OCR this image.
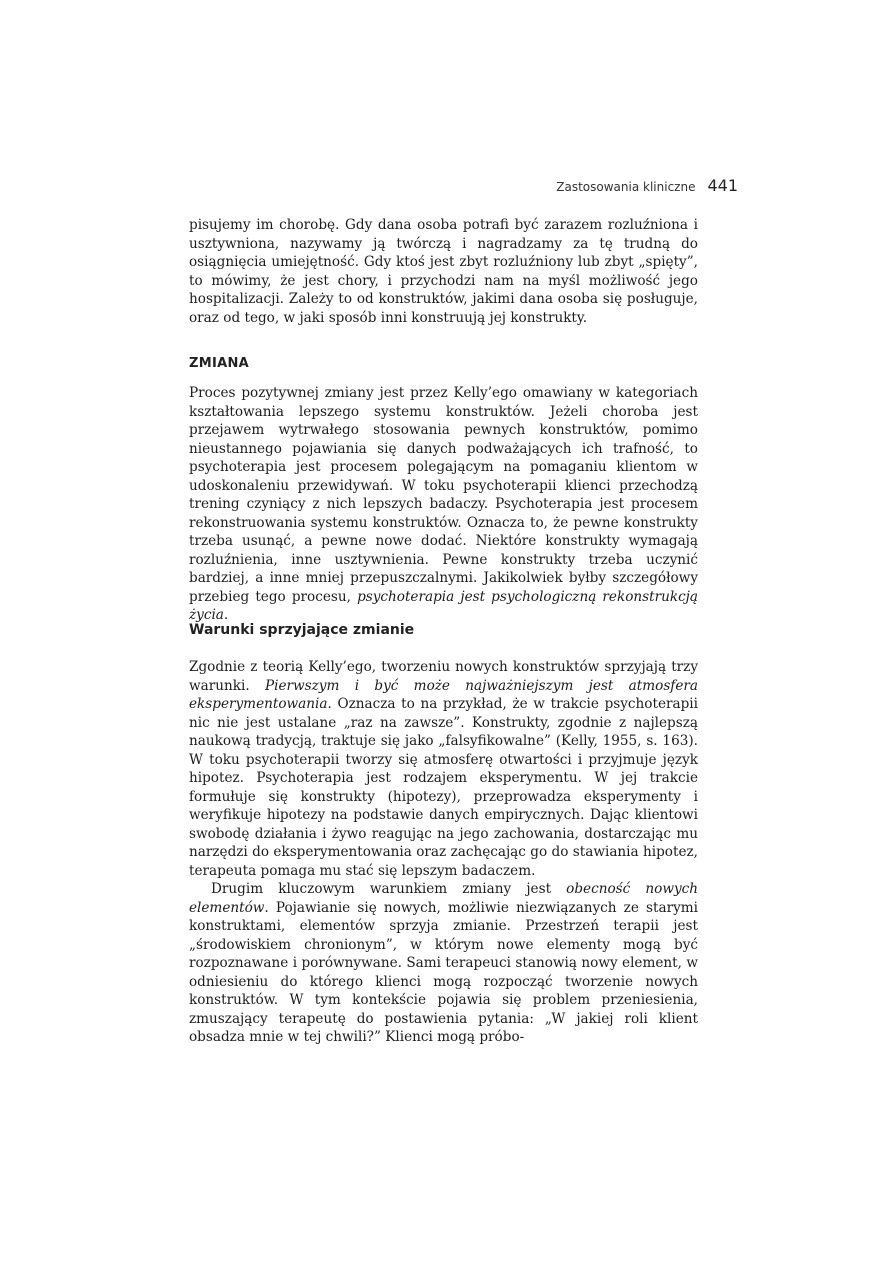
Zastosowania kliniczne 441

pisujemy im chorobę. Gdy dana osoba potrafi być zarazem rozluźniona i usztywniona, nazywamy ją twórczą i nagradzamy za tę trudną do osiągnięcia umiejętność. Gdy ktoś jest zbyt rozluźniony lub zbyt „spięty”, to mówimy, że jest chory, i przychodzi nam na myśl możliwość jego hospitalizacji. Zależy to od konstruktów, jakimi dana osoba się posługuje, oraz od tego, w jaki sposób inni konstruują jej konstrukty.

ZMIANA

Proces pozytywnej zmiany jest przez Kelly’ego omawiany w kategoriach kształtowania lepszego systemu konstruktów. Jeżeli choroba jest przejawem wytrwałego stosowania pewnych konstruktów, pomimo nieustannego pojawiania się danych podważających ich trafność, to psychoterapia jest procesem polegającym na pomaganiu klientom w udoskonaleniu przewidywań. W toku psychoterapii klienci przechodzą trening czyniący z nich lepszych badaczy. Psychoterapia jest procesem rekonstruowania systemu konstruktów. Oznacza to, że pewne konstrukty trzeba usunąć, a pewne nowe dodać. Niektóre konstrukty wymagają rozluźnienia, inne usztywnienia. Pewne konstrukty trzeba uczynić bardziej, a inne mniej przepuszczalnymi. Jakikolwiek byłby szczegółowy przebieg tego procesu, psychoterapia jest psychologiczną rekonstrukcją życia.

Warunki sprzyjające zmianie

Zgodnie z teorią Kelly’ego, tworzeniu nowych konstruktów sprzyjają trzy warunki. Pierwszym i być może najważniejszym jest atmosfera eksperymentowania. Oznacza to na przykład, że w trakcie psychoterapii nic nie jest ustalane „raz na zawsze”. Konstrukty, zgodnie z najlepszą naukową tradycją, traktuje się jako „falsyfikowalne” (Kelly, 1955, s. 163). W toku psychoterapii tworzy się atmosferę otwartości i przyjmuje język hipotez. Psychoterapia jest rodzajem eksperymentu. W jej trakcie formułuje się konstrukty (hipotezy), przeprowadza eksperymenty i weryfikuje hipotezy na podstawie danych empirycznych. Dając klientowi swobodę działania i żywo reagując na jego zachowania, dostarczając mu narzędzi do eksperymentowania oraz zachęcając go do stawiania hipotez, terapeuta pomaga mu stać się lepszym badaczem.

Drugim kluczowym warunkiem zmiany jest obecność nowych elementów. Pojawianie się nowych, możliwie niezwiązanych ze starymi konstruktami, elementów sprzyja zmianie. Przestrzeń terapii jest „środowiskiem chronionym”, w którym nowe elementy mogą być rozpoznawane i porównywane. Sami terapeuci stanowią nowy element, w odniesieniu do którego klienci mogą rozpocząć tworzenie nowych konstruktów. W tym kontekście pojawia się problem przeniesienia, zmuszający terapeutę do postawienia pytania: „W jakiej roli klient obsadza mnie w tej chwili?” Klienci mogą próbo-
